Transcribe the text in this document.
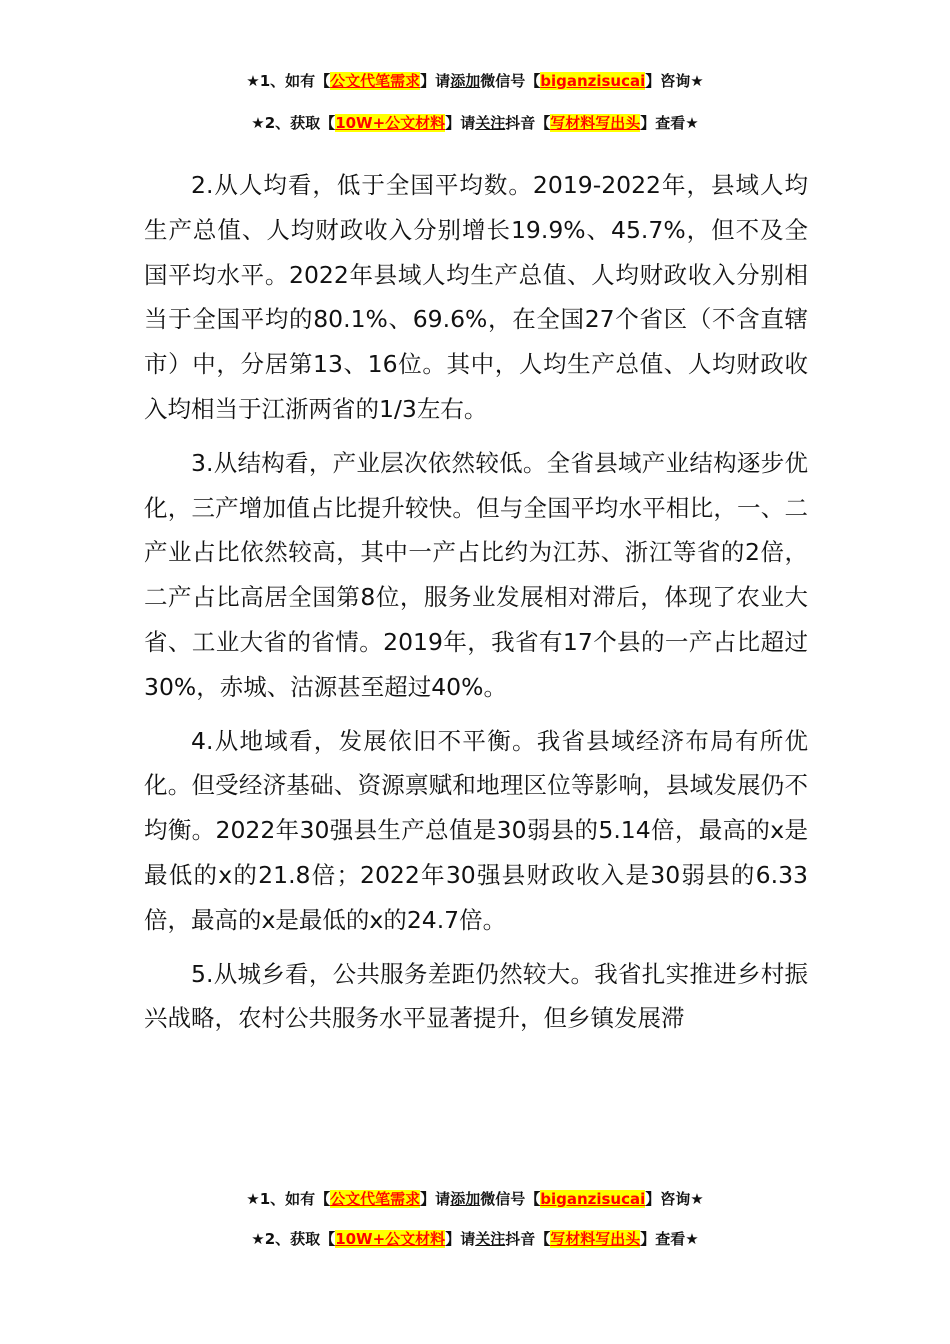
★1、如有【公文代笔需求】请添加微信号【biganzisucai】咨询★
★2、获取【10W+公文材料】请关注抖音【写材料写出头】查看★

2.从人均看，低于全国平均数。2019-2022年，县域人均生产总值、人均财政收入分别增长19.9%、45.7%，但不及全国平均水平。2022年县域人均生产总值、人均财政收入分别相当于全国平均的80.1%、69.6%，在全国27个省区（不含直辖市）中，分居第13、16位。其中，人均生产总值、人均财政收入均相当于江浙两省的1/3左右。

3.从结构看，产业层次依然较低。全省县域产业结构逐步优化，三产增加值占比提升较快。但与全国平均水平相比，一、二产业占比依然较高，其中一产占比约为江苏、浙江等省的2倍，二产占比高居全国第8位，服务业发展相对滞后，体现了农业大省、工业大省的省情。2019年，我省有17个县的一产占比超过30%，赤城、沽源甚至超过40%。

4.从地域看，发展依旧不平衡。我省县域经济布局有所优化。但受经济基础、资源禀赋和地理区位等影响，县域发展仍不均衡。2022年30强县生产总值是30弱县的5.14倍，最高的x是最低的x的21.8倍；2022年30强县财政收入是30弱县的6.33倍，最高的x是最低的x的24.7倍。

5.从城乡看，公共服务差距仍然较大。我省扎实推进乡村振兴战略，农村公共服务水平显著提升，但乡镇发展滞

★1、如有【公文代笔需求】请添加微信号【biganzisucai】咨询★
★2、获取【10W+公文材料】请关注抖音【写材料写出头】查看★
